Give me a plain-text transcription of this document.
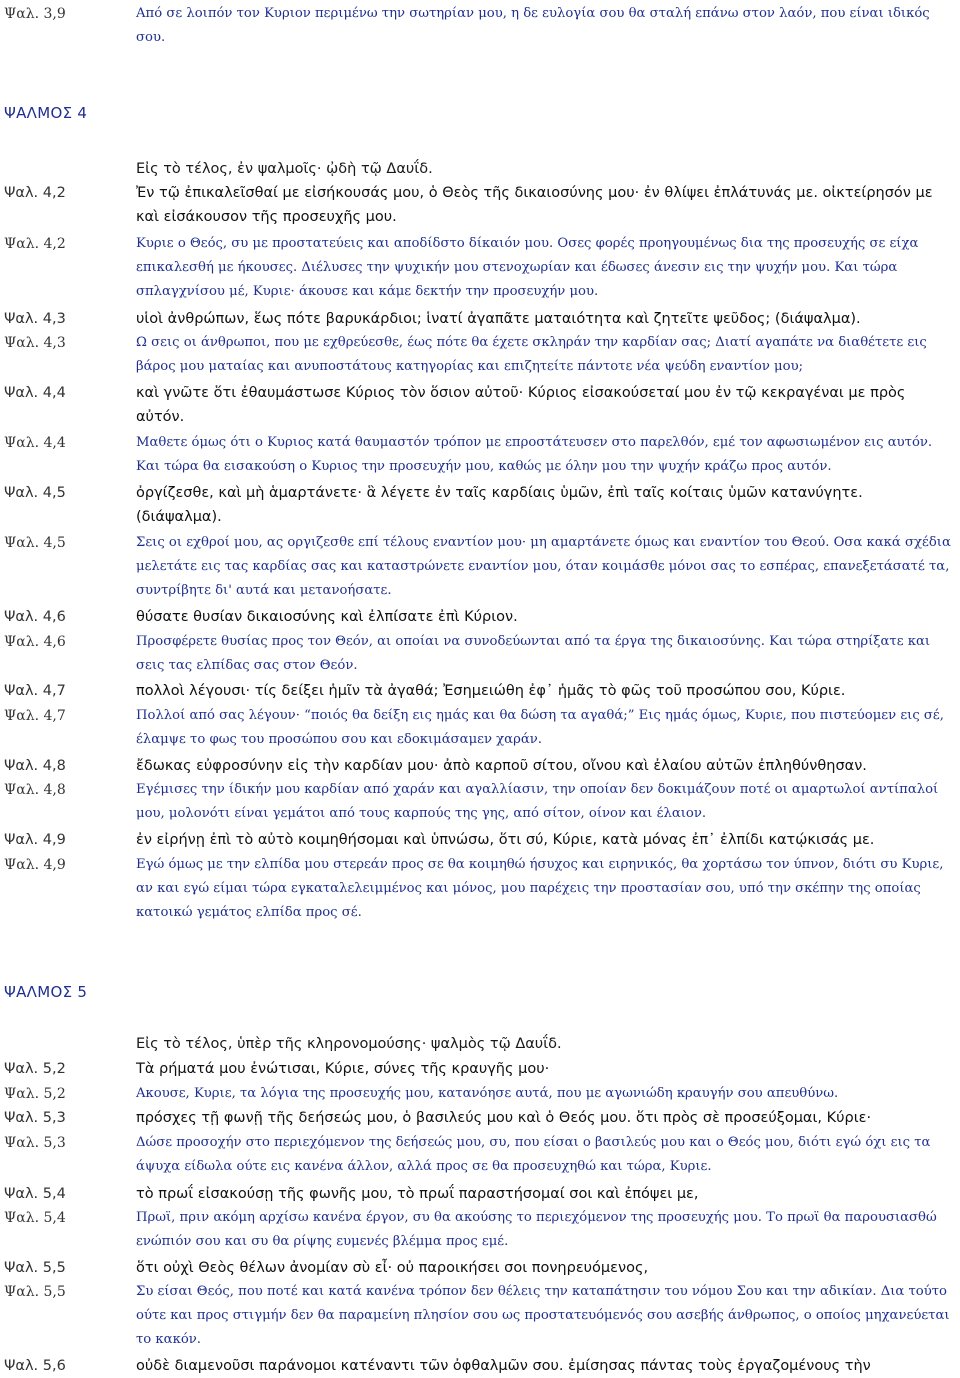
Ψαλ. 3,9	Από σε λοιπόν τον Κυριον περιμένω την σωτηρίαν μου, η δε ευλογία σου θα σταλή επάνω στον λαόν, που είναι ιδικός σου.
ΨΑΛΜΟΣ 4
Εἰς τὸ τέλος, ἐν ψαλμοῖς· ᾠδὴ τῷ Δαυΐδ.
Ψαλ. 4,2	Ἐν τῷ ἐπικαλεῖσθαί με εἰσήκουσάς μου, ὁ Θεὸς τῆς δικαιοσύνης μου· ἐν θλίψει ἐπλάτυνάς με. οἰκτείρησόν με καὶ εἰσάκουσον τῆς προσευχῆς μου.
Ψαλ. 4,2	Κυριε ο Θεός, συ με προστατεύεις και αποδίδστο δίκαιόν μου. Οσες φορές προηγουμένως δια της προσευχής σε είχα επικαλεσθή με ήκουσες. Διέλυσες την ψυχικήν μου στενοχωρίαν και έδωσες άνεσιν εις την ψυχήν μου. Και τώρα σπλαγχνίσου μέ, Κυριε· άκουσε και κάμε δεκτήν την προσευχήν μου.
Ψαλ. 4,3	υἱοὶ ἀνθρώπων, ἕως πότε βαρυκάρδιοι; ἱνατί ἀγαπᾶτε ματαιότητα καὶ ζητεῖτε ψεῦδος; (διάψαλμα).
Ψαλ. 4,3	Ω σεις οι άνθρωποι, που με εχθρεύεσθε, έως πότε θα έχετε σκληράν την καρδίαν σας; Διατί αγαπάτε να διαθέτετε εις βάρος μου ματαίας και ανυποστάτους κατηγορίας και επιζητείτε πάντοτε νέα ψεύδη εναντίον μου;
Ψαλ. 4,4	καὶ γνῶτε ὅτι ἐθαυμάστωσε Κύριος τὸν ὅσιον αὐτοῦ· Κύριος εἰσακούσεταί μου ἐν τῷ κεκραγέναι με πρὸς αὐτόν.
Ψαλ. 4,4	Μαθετε όμως ότι ο Κυριος κατά θαυμαστόν τρόπον με επροστάτευσεν στο παρελθόν, εμέ τον αφωσιωμένον εις αυτόν. Και τώρα θα εισακούση ο Κυριος την προσευχήν μου, καθώς με όλην μου την ψυχήν κράζω προς αυτόν.
Ψαλ. 4,5	ὀργίζεσθε, καὶ μὴ ἁμαρτάνετε· ἃ λέγετε ἐν ταῖς καρδίαις ὑμῶν, ἐπὶ ταῖς κοίταις ὑμῶν κατανύγητε. (διάψαλμα).
Ψαλ. 4,5	Σεις οι εχθροί μου, ας οργιζεσθε επί τέλους εναντίον μου· μη αμαρτάνετε όμως και εναντίον του Θεού. Οσα κακά σχέδια μελετάτε εις τας καρδίας σας και καταστρώνετε εναντίον μου, όταν κοιμάσθε μόνοι σας το εσπέρας, επανεξετάσατέ τα, συντρίβητε δι' αυτά και μετανοήσατε.
Ψαλ. 4,6	θύσατε θυσίαν δικαιοσύνης καὶ ἐλπίσατε ἐπὶ Κύριον.
Ψαλ. 4,6	Προσφέρετε θυσίας προς τον Θεόν, αι οποίαι να συνοδεύωνται από τα έργα της δικαιοσύνης. Και τώρα στηρίξατε και σεις τας ελπίδας σας στον Θεόν.
Ψαλ. 4,7	πολλοὶ λέγουσι· τίς δείξει ἡμῖν τὰ ἀγαθά; Ἐσημειώθη ἐφ᾿ ἡμᾶς τὸ φῶς τοῦ προσώπου σου, Κύριε.
Ψαλ. 4,7	Πολλοί από σας λέγουν· “ποιός θα δείξη εις ημάς και θα δώση τα αγαθά;” Εις ημάς όμως, Κυριε, που πιστεύομεν εις σέ, έλαμψε το φως του προσώπου σου και εδοκιμάσαμεν χαράν.
Ψαλ. 4,8	ἔδωκας εὐφροσύνην εἰς τὴν καρδίαν μου· ἀπὸ καρποῦ σίτου, οἴνου καὶ ἐλαίου αὐτῶν ἐπληθύνθησαν.
Ψαλ. 4,8	Εγέμισες την ίδικήν μου καρδίαν από χαράν και αγαλλίασιν, την οποίαν δεν δοκιμάζουν ποτέ οι αμαρτωλοί αντίπαλοί μου, μολονότι είναι γεμάτοι από τους καρπούς της γης, από σίτον, οίνον και έλαιον.
Ψαλ. 4,9	ἐν εἰρήνῃ ἐπὶ τὸ αὐτὸ κοιμηθήσομαι καὶ ὑπνώσω, ὅτι σύ, Κύριε, κατὰ μόνας ἐπ᾿ ἐλπίδι κατῴκισάς με.
Ψαλ. 4,9	Εγώ όμως με την ελπίδα μου στερεάν προς σε θα κοιμηθώ ήσυχος και ειρηνικός, θα χορτάσω τον ύπνον, διότι συ Κυριε, αν και εγώ είμαι τώρα εγκαταλελειμμένος και μόνος, μου παρέχεις την προστασίαν σου, υπό την σκέπην της οποίας κατοικώ γεμάτος ελπίδα προς σέ.
ΨΑΛΜΟΣ 5
Εἰς τὸ τέλος, ὑπὲρ τῆς κληρονομούσης· ψαλμὸς τῷ Δαυΐδ.
Ψαλ. 5,2	Τὰ ρήματά μου ἐνώτισαι, Κύριε, σύνες τῆς κραυγῆς μου·
Ψαλ. 5,2	Ακουσε, Κυριε, τα λόγια της προσευχής μου, κατανόησε αυτά, που με αγωνιώδη κραυγήν σου απευθύνω.
Ψαλ. 5,3	πρόσχες τῇ φωνῇ τῆς δεήσεώς μου, ὁ βασιλεύς μου καὶ ὁ Θεός μου. ὅτι πρὸς σὲ προσεύξομαι, Κύριε·
Ψαλ. 5,3	Δώσε προσοχήν στο περιεχόμενον της δεήσεώς μου, συ, που είσαι ο βασιλεύς μου και ο Θεός μου, διότι εγώ όχι εις τα άψυχα είδωλα ούτε εις κανένα άλλον, αλλά προς σε θα προσευχηθώ και τώρα, Κυριε.
Ψαλ. 5,4	τὸ πρωΐ εἰσακούσῃ τῆς φωνῆς μου, τὸ πρωΐ παραστήσομαί σοι καὶ ἐπόψει με,
Ψαλ. 5,4	Πρωϊ, πριν ακόμη αρχίσω κανένα έργον, συ θα ακούσης το περιεχόμενον της προσευχής μου. Το πρωϊ θα παρουσιασθώ ενώπιόν σου και συ θα ρίψης ευμενές βλέμμα προς εμέ.
Ψαλ. 5,5	ὅτι οὐχὶ Θεὸς θέλων ἀνομίαν σὺ εἶ· οὐ παροικήσει σοι πονηρευόμενος,
Ψαλ. 5,5	Συ είσαι Θεός, που ποτέ και κατά κανένα τρόπον δεν θέλεις την καταπάτησιν του νόμου Σου και την αδικίαν. Δια τούτο ούτε και προς στιγμήν δεν θα παραμείνη πλησίον σου ως προστατευόμενός σου ασεβής άνθρωπος, ο οποίος μηχανεύεται το κακόν.
Ψαλ. 5,6	οὐδὲ διαμενοῦσι παράνομοι κατέναντι τῶν ὀφθαλμῶν σου. ἐμίσησας πάντας τοὺς ἐργαζομένους τὴν
